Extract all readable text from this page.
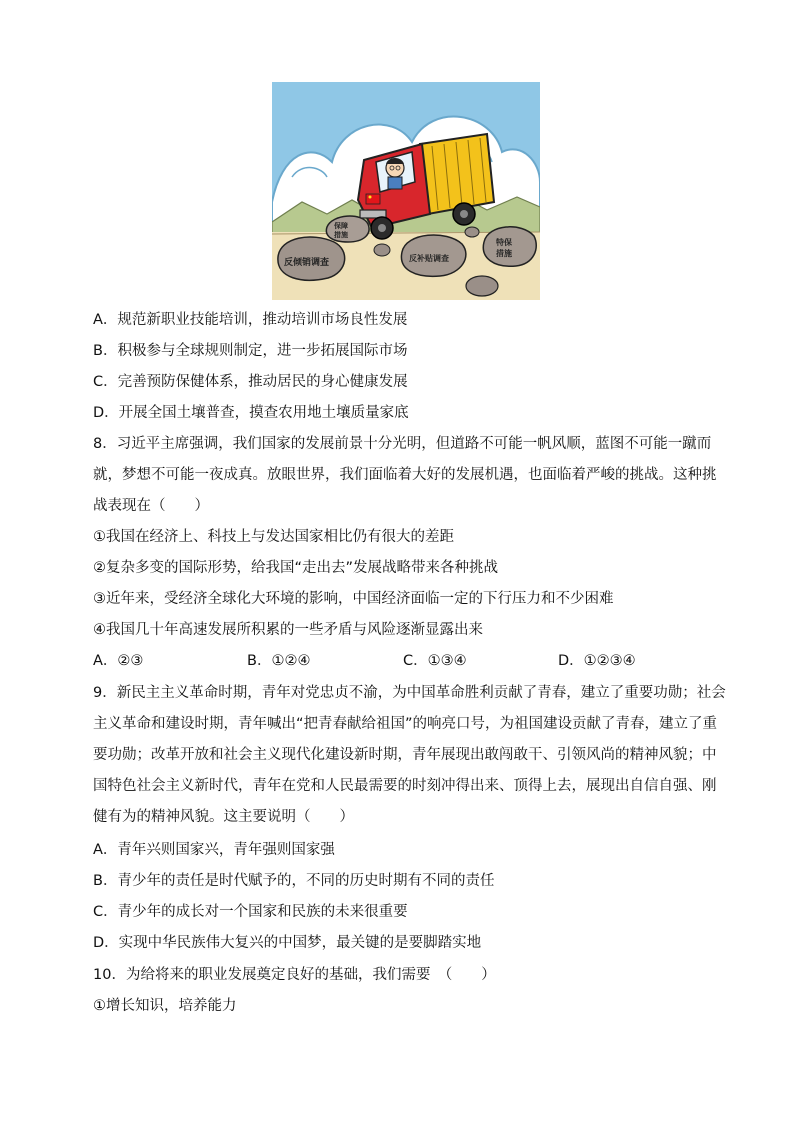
保障
措施
反倾销调查	反补贴调查
特保
措施
A．规范新职业技能培训，推动培训市场良性发展
B．积极参与全球规则制定，进一步拓展国际市场
C．完善预防保健体系，推动居民的身心健康发展
D．开展全国土壤普查，摸查农用地土壤质量家底
8．习近平主席强调，我们国家的发展前景十分光明，但道路不可能一帆风顺，蓝图不可能一蹴而
就，梦想不可能一夜成真。放眼世界，我们面临着大好的发展机遇，也面临着严峻的挑战。这种挑
战表现在（　　）
①我国在经济上、科技上与发达国家相比仍有很大的差距
②复杂多变的国际形势，给我国“走出去”发展战略带来各种挑战
③近年来，受经济全球化大环境的影响，中国经济面临一定的下行压力和不少困难
④我国几十年高速发展所积累的一些矛盾与风险逐渐显露出来
A．②③	B．①②④	C．①③④	D．①②③④
9．新民主主义革命时期，青年对党忠贞不渝，为中国革命胜利贡献了青春，建立了重要功勋；社会
主义革命和建设时期，青年喊出“把青春献给祖国”的响亮口号，为祖国建设贡献了青春，建立了重
要功勋；改革开放和社会主义现代化建设新时期，青年展现出敢闯敢干、引领风尚的精神风貌；中
国特色社会主义新时代，青年在党和人民最需要的时刻冲得出来、顶得上去，展现出自信自强、刚
健有为的精神风貌。这主要说明（　　）
A．青年兴则国家兴，青年强则国家强
B．青少年的责任是时代赋予的，不同的历史时期有不同的责任
C．青少年的成长对一个国家和民族的未来很重要
D．实现中华民族伟大复兴的中国梦，最关键的是要脚踏实地
10．为给将来的职业发展奠定良好的基础，我们需要　（　　）
①增长知识，培养能力
